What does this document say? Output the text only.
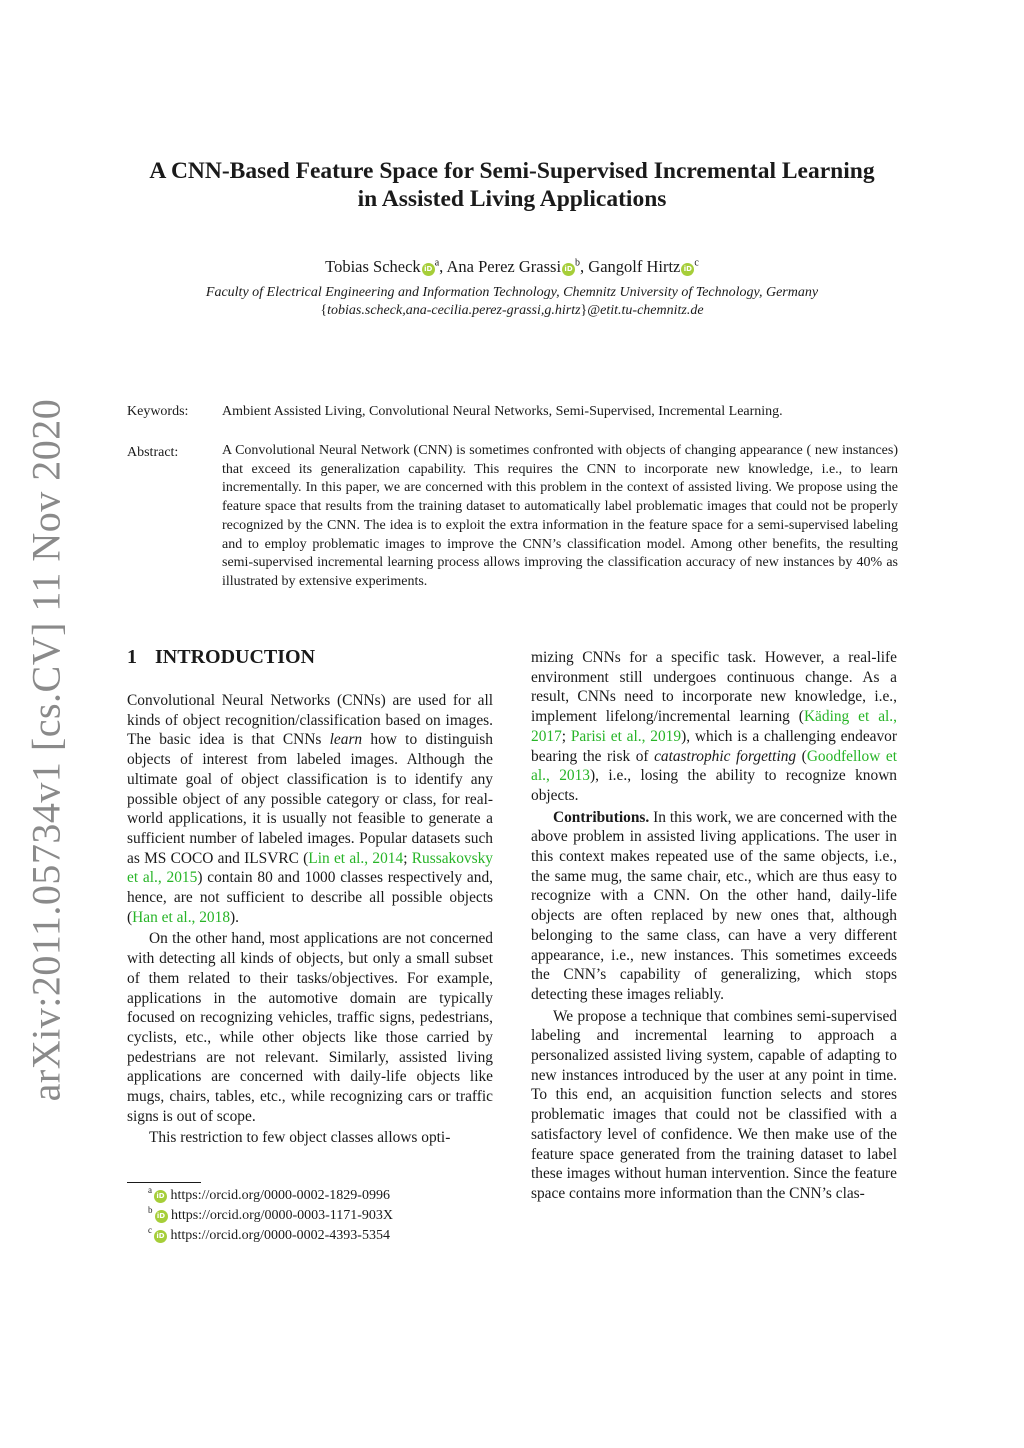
arXiv:2011.05734v1 [cs.CV] 11 Nov 2020
A CNN-Based Feature Space for Semi-Supervised Incremental Learning
in Assisted Living Applications
Tobias Scheck $iD^a$, Ana Perez Grassi $iD^b$, Gangolf Hirtz $iD^c$
Faculty of Electrical Engineering and Information Technology, Chemnitz University of Technology, Germany
{tobias.scheck,ana-cecilia.perez-grassi,g.hirtz}@etit.tu-chemnitz.de
Keywords: Ambient Assisted Living, Convolutional Neural Networks, Semi-Supervised, Incremental Learning.
Abstract:	A Convolutional Neural Network (CNN) is sometimes confronted with objects of changing appearance ( new instances) that exceed its generalization capability. This requires the CNN to incorporate new knowledge, i.e., to learn incrementally. In this paper, we are concerned with this problem in the context of assisted living. We propose using the feature space that results from the training dataset to automatically label problematic images that could not be properly recognized by the CNN. The idea is to exploit the extra information in the feature space for a semi-supervised labeling and to employ problematic images to improve the CNN’s classification model. Among other benefits, the resulting semi-supervised incremental learning process allows improving the classification accuracy of new instances by 40% as illustrated by extensive experiments.
1 INTRODUCTION

Convolutional Neural Networks (CNNs) are used for all kinds of object recognition/classification based on images. The basic idea is that CNNs learn how to distinguish objects of interest from labeled images. Although the ultimate goal of object classification is to identify any possible object of any possible category or class, for real-world applications, it is usually not feasible to generate a sufficient number of labeled images. Popular datasets such as MS COCO and ILSVRC (Lin et al., 2014; Russakovsky et al., 2015) contain 80 and 1000 classes respectively and, hence, are not sufficient to describe all possible objects (Han et al., 2018).

On the other hand, most applications are not concerned with detecting all kinds of objects, but only a small subset of them related to their tasks/objectives. For example, applications in the automotive domain are typically focused on recognizing vehicles, traffic signs, pedestrians, cyclists, etc., while other objects like those carried by pedestrians are not relevant. Similarly, assisted living applications are concerned with daily-life objects like mugs, chairs, tables, etc., while recognizing cars or traffic signs is out of scope.

This restriction to few object classes allows opti-

$^a$iD https://orcid.org/0000-0002-1829-0996
$^b$iD https://orcid.org/0000-0003-1171-903X
$^c$iD https://orcid.org/0000-0002-4393-5354

mizing CNNs for a specific task. However, a real-life environment still undergoes continuous change. As a result, CNNs need to incorporate new knowledge, i.e., implement lifelong/incremental learning (Käding et al., 2017; Parisi et al., 2019), which is a challenging endeavor bearing the risk of catastrophic forgetting (Goodfellow et al., 2013), i.e., losing the ability to recognize known objects.

Contributions. In this work, we are concerned with the above problem in assisted living applications. The user in this context makes repeated use of the same objects, i.e., the same mug, the same chair, etc., which are thus easy to recognize with a CNN. On the other hand, daily-life objects are often replaced by new ones that, although belonging to the same class, can have a very different appearance, i.e., new instances. This sometimes exceeds the CNN’s capability of generalizing, which stops detecting these images reliably.

We propose a technique that combines semi-supervised labeling and incremental learning to approach a personalized assisted living system, capable of adapting to new instances introduced by the user at any point in time. To this end, an acquisition function selects and stores problematic images that could not be classified with a satisfactory level of confidence. We then make use of the feature space generated from the training dataset to label these images without human intervention. Since the feature space contains more information than the CNN’s clas-
